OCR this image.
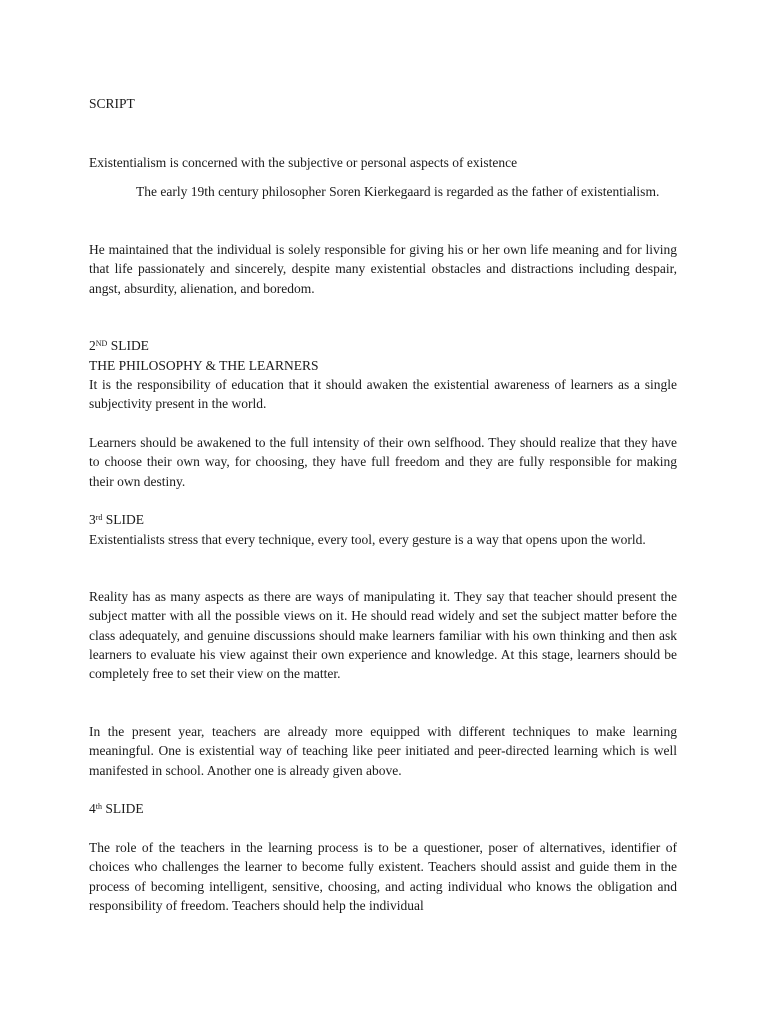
SCRIPT

Existentialism is concerned with the subjective or personal aspects of existence

The early 19th century philosopher Soren Kierkegaard is regarded as the father of existentialism.

He maintained that the individual is solely responsible for giving his or her own life meaning and for living that life passionately and sincerely, despite many existential obstacles and distractions including despair, angst, absurdity, alienation, and boredom.

2ND SLIDE

THE PHILOSOPHY & THE LEARNERS

It is the responsibility of education that it should awaken the existential awareness of learners as a single subjectivity present in the world.

Learners should be awakened to the full intensity of their own selfhood. They should realize that they have to choose their own way, for choosing, they have full freedom and they are fully responsible for making their own destiny.

3rd SLIDE

Existentialists stress that every technique, every tool, every gesture is a way that opens upon the world.

Reality has as many aspects as there are ways of manipulating it. They say that teacher should present the subject matter with all the possible views on it. He should read widely and set the subject matter before the class adequately, and genuine discussions should make learners familiar with his own thinking and then ask learners to evaluate his view against their own experience and knowledge. At this stage, learners should be completely free to set their view on the matter.

In the present year, teachers are already more equipped with different techniques to make learning meaningful. One is existential way of teaching like peer initiated and peer-directed learning which is well manifested in school. Another one is already given above.

4th SLIDE

The role of the teachers in the learning process is to be a questioner, poser of alternatives, identifier of choices who challenges the learner to become fully existent. Teachers should assist and guide them in the process of becoming intelligent, sensitive, choosing, and acting individual who knows the obligation and responsibility of freedom. Teachers should help the individual
